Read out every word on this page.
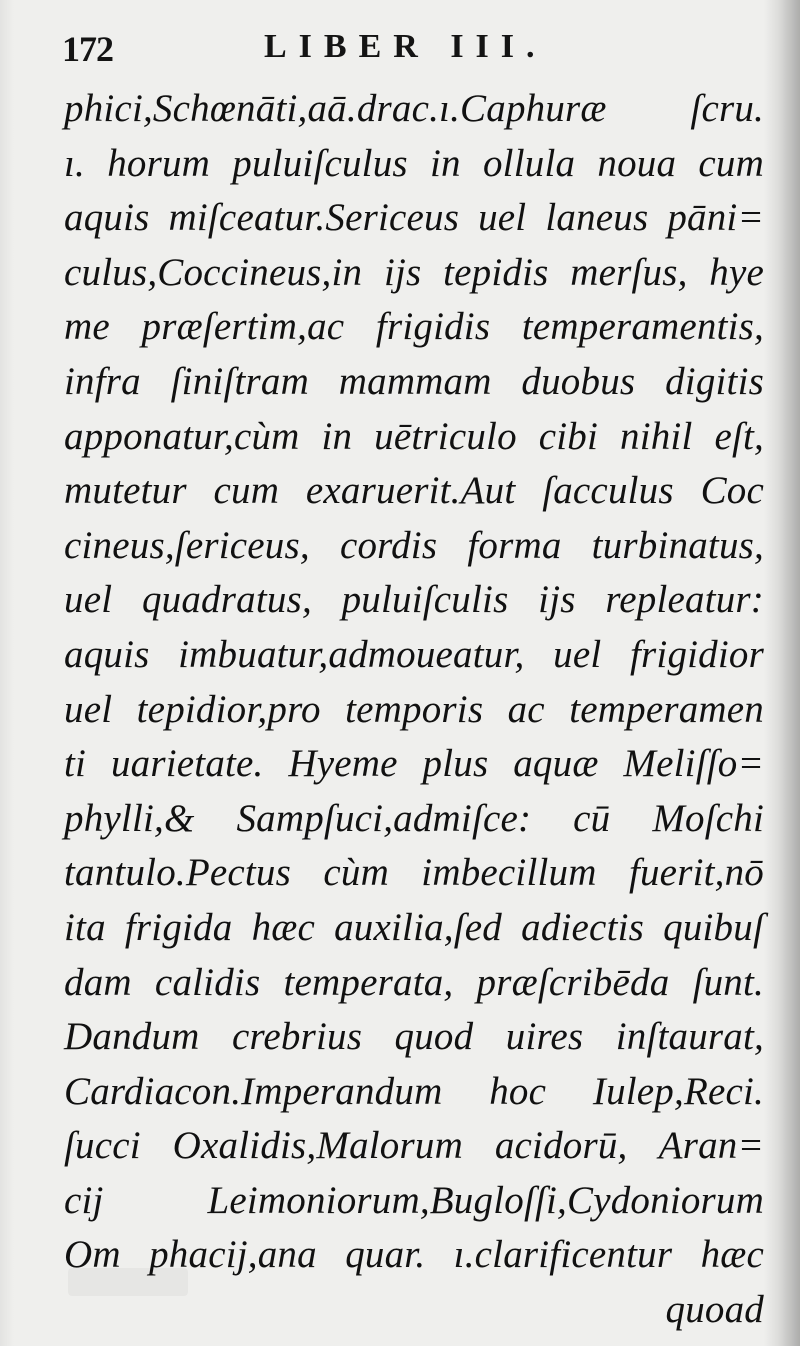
172	LIBER III.
phici,Schœnāti,aā.drac.ı.Caphuræ ſcru.
ı. horum puluiſculus in ollula noua cum
aquis miſceatur.Sericeus uel laneus pāni=
culus,Coccineus,in ijs tepidis merſus, hye
me præſertim,ac frigidis temperamentis,
infra ſiniſtram mammam duobus digitis
apponatur,cùm in uētriculo cibi nihil eſt,
mutetur cum exaruerit.Aut ſacculus Coc
cineus,ſericeus, cordis forma turbinatus,
uel quadratus, puluiſculis ijs repleatur:
aquis imbuatur,admoueatur, uel frigidior
uel tepidior,pro temporis ac temperamen
ti uarietate. Hyeme plus aquæ Meliſſo=
phylli,& Sampſuci,admiſce: cū Moſchi
tantulo.Pectus cùm imbecillum fuerit,nō
ita frigida hæc auxilia,ſed adiectis quibuſ
dam calidis temperata, præſcribēda ſunt.
Dandum crebrius quod uires inſtaurat,
Cardiacon.Imperandum hoc Iulep,Reci.
ſucci Oxalidis,Malorum acidorū, Aran=
cij Leimoniorum,Bugloſſi,Cydoniorum
Om phacij,ana quar. ı.clarificentur hæc
quoad
